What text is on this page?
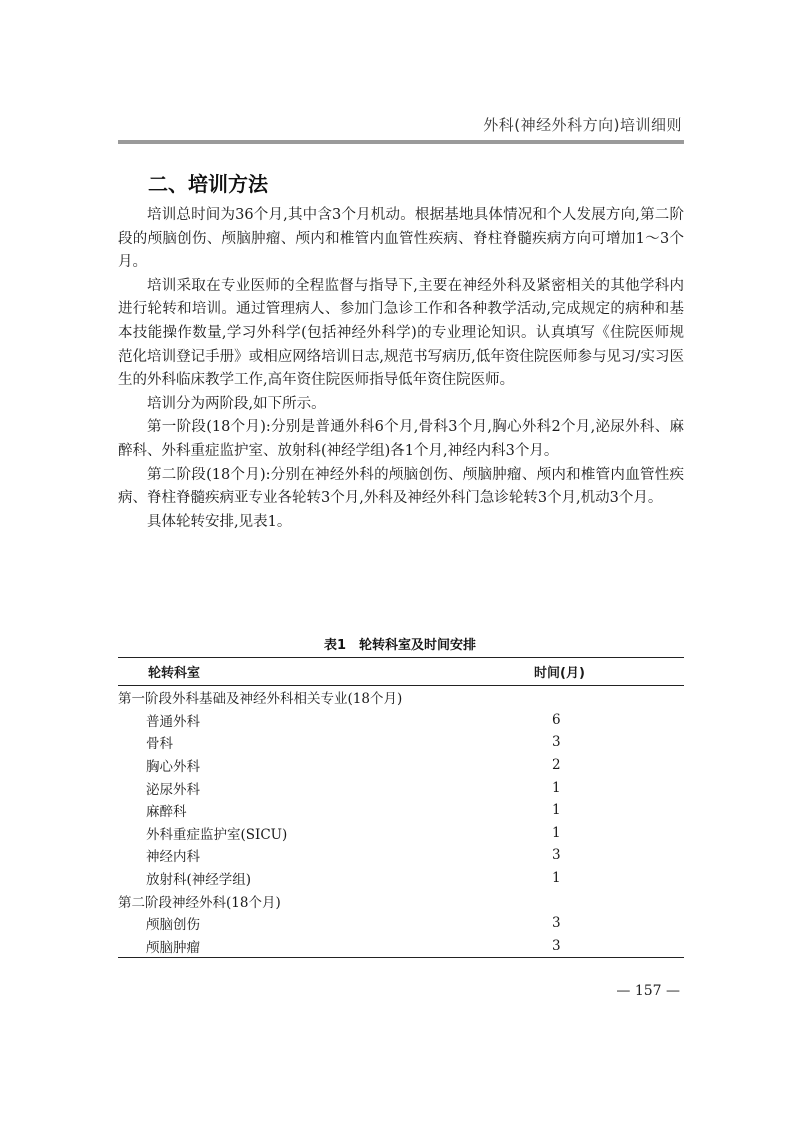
外科(神经外科方向)培训细则
二、培训方法

培训总时间为36个月,其中含3个月机动。根据基地具体情况和个人发展方向,第二阶段的颅脑创伤、颅脑肿瘤、颅内和椎管内血管性疾病、脊柱脊髓疾病方向可增加1～3个月。

培训采取在专业医师的全程监督与指导下,主要在神经外科及紧密相关的其他学科内进行轮转和培训。通过管理病人、参加门急诊工作和各种教学活动,完成规定的病种和基本技能操作数量,学习外科学(包括神经外科学)的专业理论知识。认真填写《住院医师规范化培训登记手册》或相应网络培训日志,规范书写病历,低年资住院医师参与见习/实习医生的外科临床教学工作,高年资住院医师指导低年资住院医师。

培训分为两阶段,如下所示。

第一阶段(18个月):分别是普通外科6个月,骨科3个月,胸心外科2个月,泌尿外科、麻醉科、外科重症监护室、放射科(神经学组)各1个月,神经内科3个月。

第二阶段(18个月):分别在神经外科的颅脑创伤、颅脑肿瘤、颅内和椎管内血管性疾病、脊柱脊髓疾病亚专业各轮转3个月,外科及神经外科门急诊轮转3个月,机动3个月。

具体轮转安排,见表1。

表1　轮转科室及时间安排
轮转科室	时间(月)
第一阶段外科基础及神经外科相关专业(18个月)	
普通外科	6
骨科	3
胸心外科	2
泌尿外科	1
麻醉科	1
外科重症监护室(SICU)	1
神经内科	3
放射科(神经学组)	1
第二阶段神经外科(18个月)	
颅脑创伤	3
颅脑肿瘤	3
— 157 —
